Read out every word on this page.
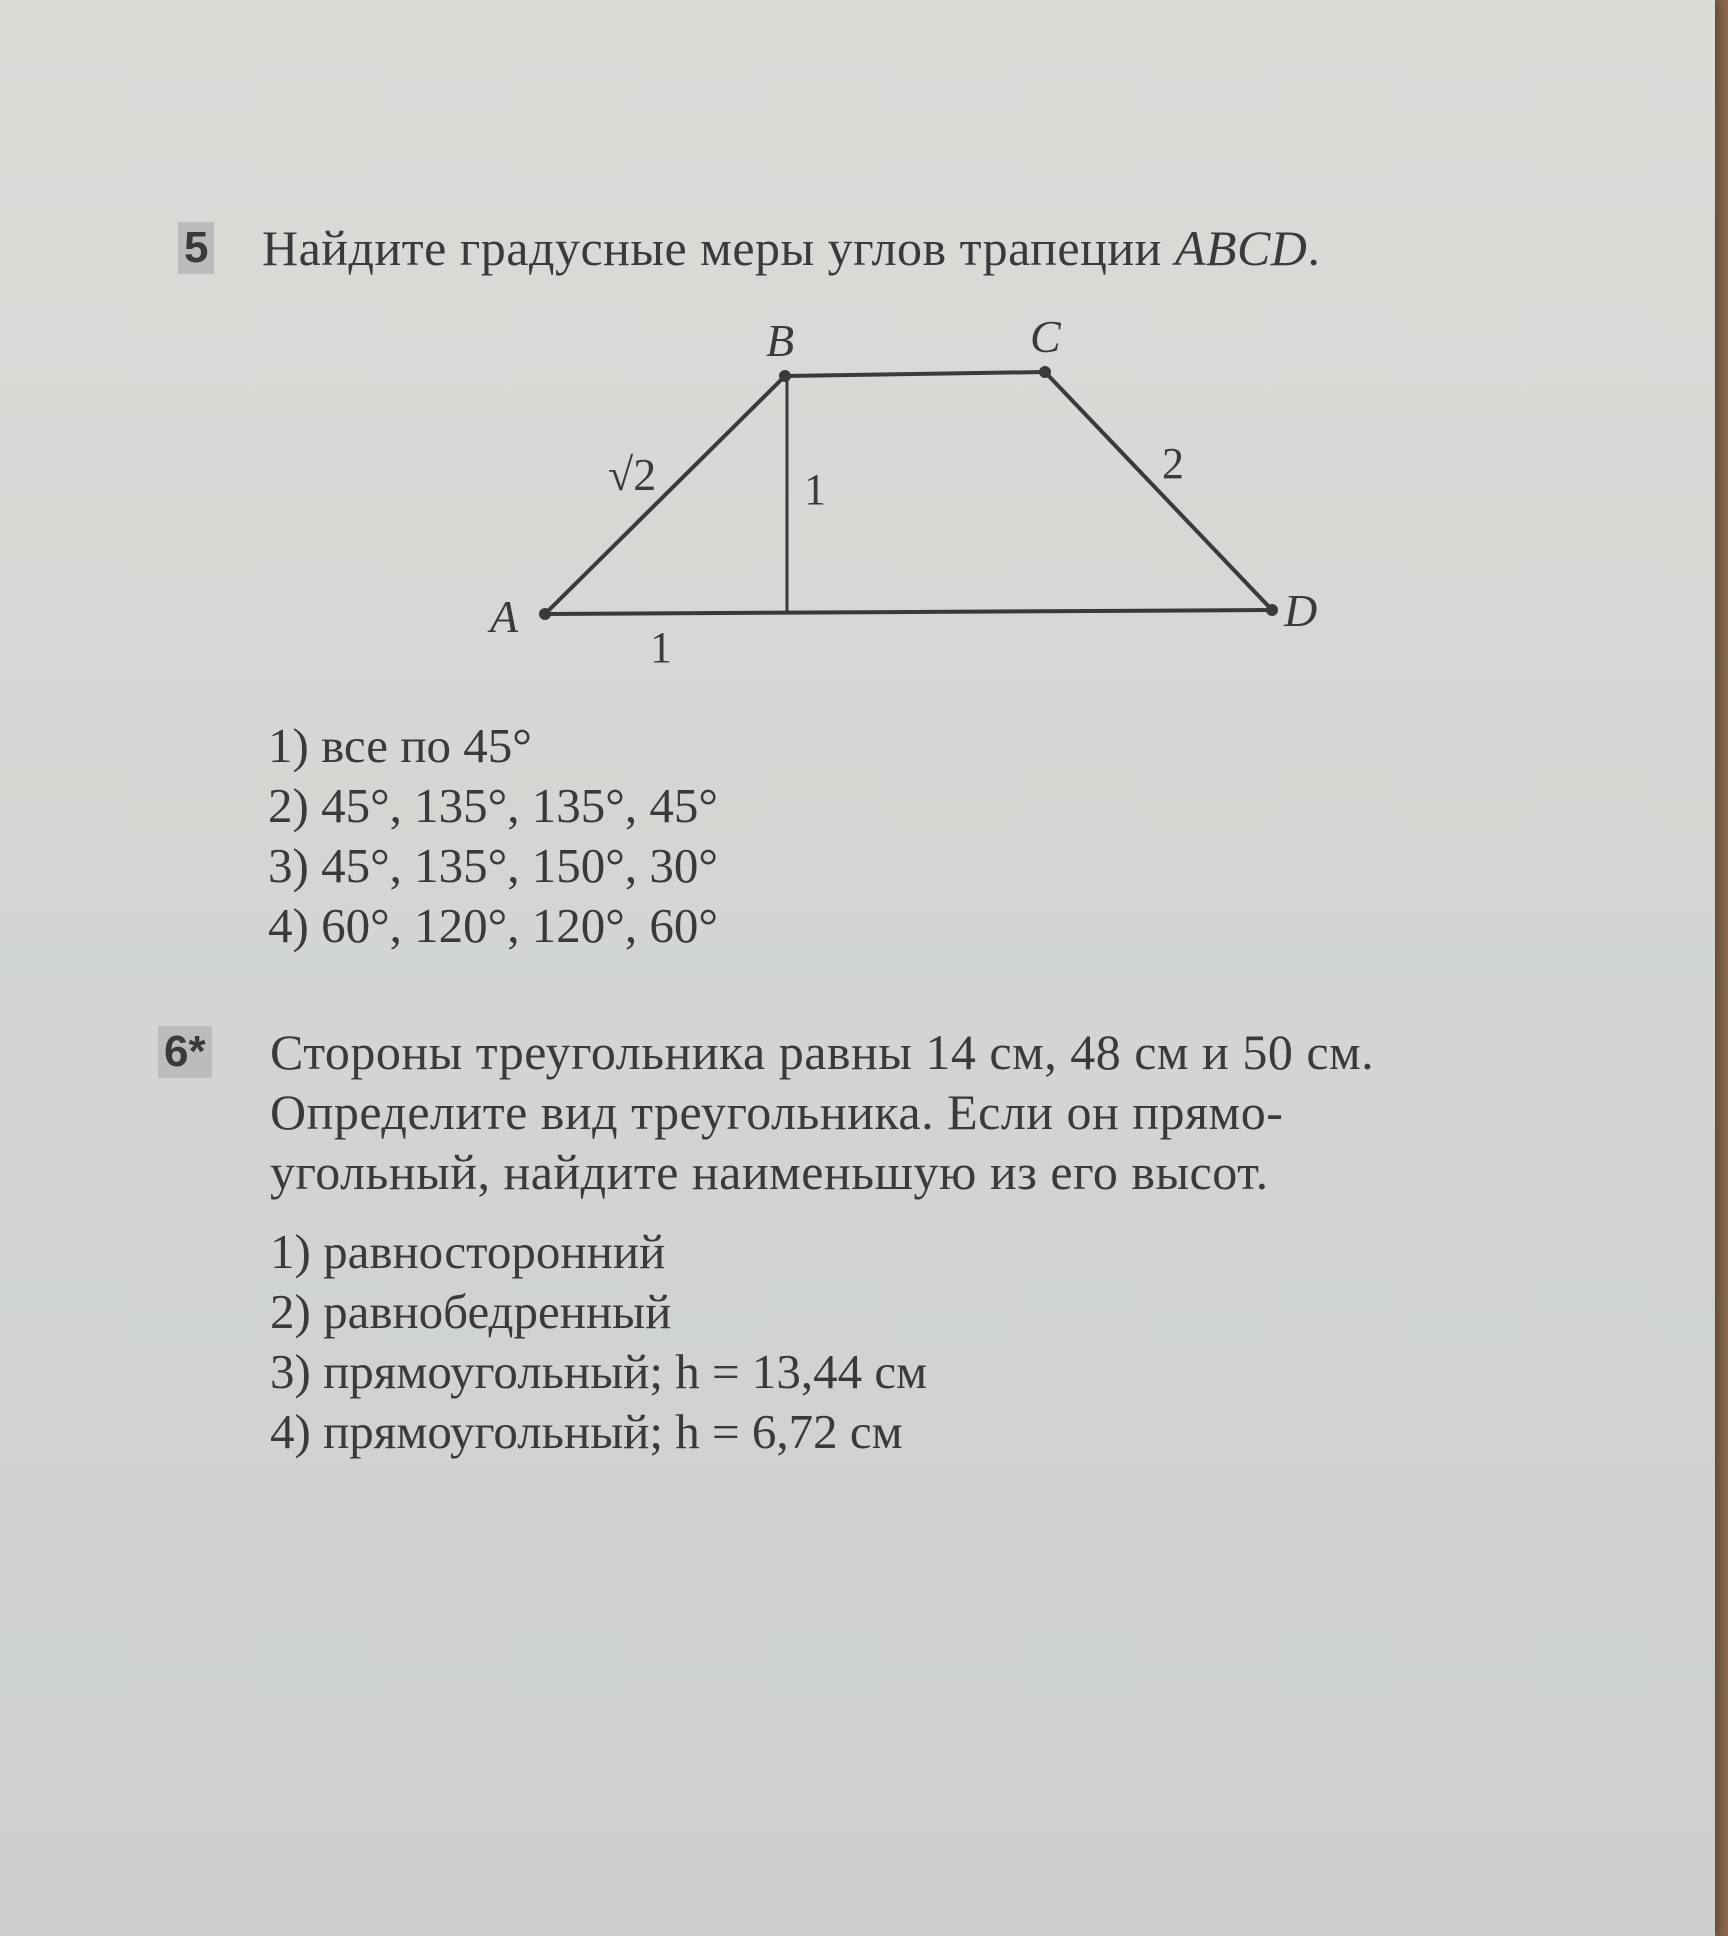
5 Найдите градусные меры углов трапеции ABCD.
A
B	C
D
√2	1
2
1
1) все по 45°
2) 45°, 135°, 135°, 45°
3) 45°, 135°, 150°, 30°
4) 60°, 120°, 120°, 60°
6* Стороны треугольника равны 14 см, 48 см и 50 см.
Определите вид треугольника. Если он прямо-
угольный, найдите наименьшую из его высот.
1) равносторонний
2) равнобедренный
3) прямоугольный; h = 13,44 см
4) прямоугольный; h = 6,72 см
